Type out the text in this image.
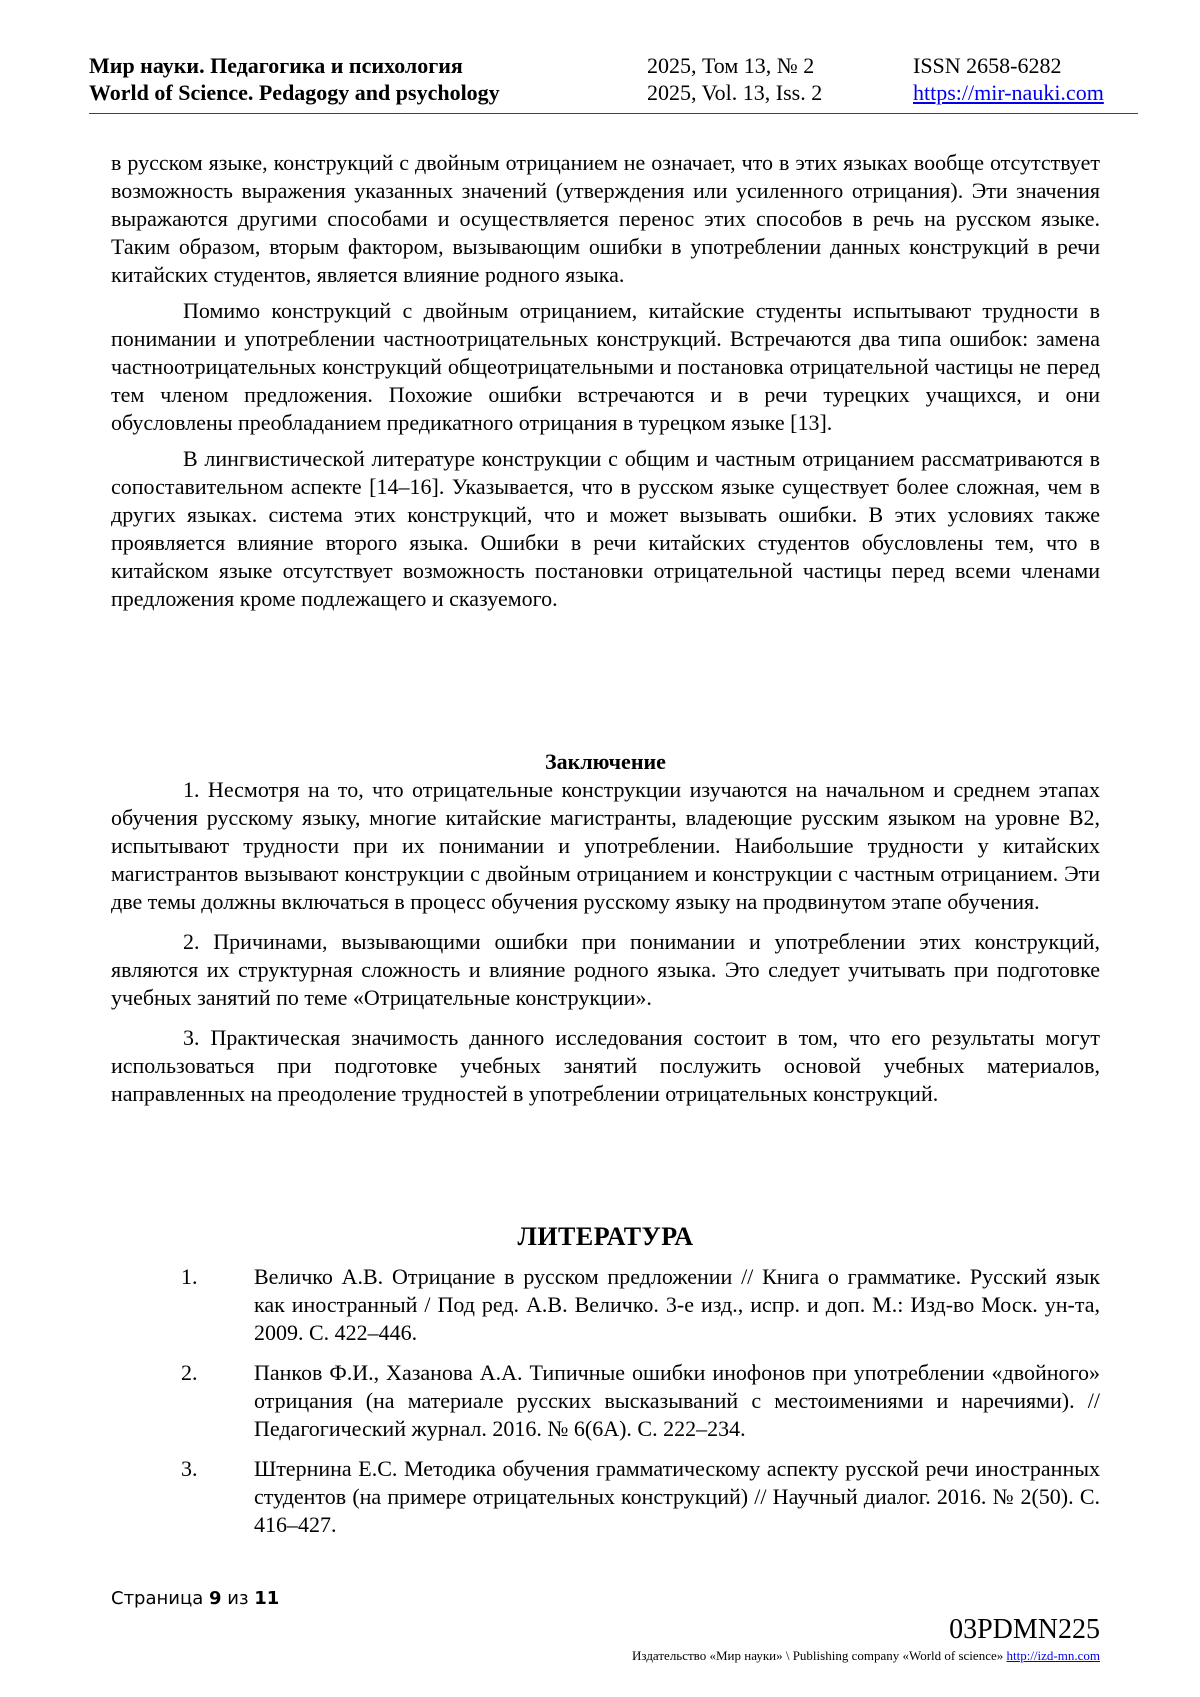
Мир науки. Педагогика и психология
World of Science. Pedagogy and psychology
2025, Том 13, № 2
2025, Vol. 13, Iss. 2
ISSN 2658-6282
https://mir-nauki.com

в русском языке, конструкций с двойным отрицанием не означает, что в этих языках вообще отсутствует возможность выражения указанных значений (утверждения или усиленного отрицания). Эти значения выражаются другими способами и осуществляется перенос этих способов в речь на русском языке. Таким образом, вторым фактором, вызывающим ошибки в употреблении данных конструкций в речи китайских студентов, является влияние родного языка.

Помимо конструкций с двойным отрицанием, китайские студенты испытывают трудности в понимании и употреблении частноотрицательных конструкций. Встречаются два типа ошибок: замена частноотрицательных конструкций общеотрицательными и постановка отрицательной частицы не перед тем членом предложения. Похожие ошибки встречаются и в речи турецких учащихся, и они обусловлены преобладанием предикатного отрицания в турецком языке [13].

В лингвистической литературе конструкции с общим и частным отрицанием рассматриваются в сопоставительном аспекте [14–16]. Указывается, что в русском языке существует более сложная, чем в других языках. система этих конструкций, что и может вызывать ошибки. В этих условиях также проявляется влияние второго языка. Ошибки в речи китайских студентов обусловлены тем, что в китайском языке отсутствует возможность постановки отрицательной частицы перед всеми членами предложения кроме подлежащего и сказуемого.

Заключение

1. Несмотря на то, что отрицательные конструкции изучаются на начальном и среднем этапах обучения русскому языку, многие китайские магистранты, владеющие русским языком на уровне В2, испытывают трудности при их понимании и употреблении. Наибольшие трудности у китайских магистрантов вызывают конструкции с двойным отрицанием и конструкции с частным отрицанием. Эти две темы должны включаться в процесс обучения русскому языку на продвинутом этапе обучения.

2. Причинами, вызывающими ошибки при понимании и употреблении этих конструкций, являются их структурная сложность и влияние родного языка. Это следует учитывать при подготовке учебных занятий по теме «Отрицательные конструкции».

3. Практическая значимость данного исследования состоит в том, что его результаты могут использоваться при подготовке учебных занятий послужить основой учебных материалов, направленных на преодоление трудностей в употреблении отрицательных конструкций.

ЛИТЕРАТУРА
1.	Величко А.В. Отрицание в русском предложении // Книга о грамматике. Русский язык как иностранный / Под ред. А.В. Величко. 3-е изд., испр. и доп. М.: Изд-во Моск. ун-та, 2009. С. 422–446.
2.	Панков Ф.И., Хазанова А.А. Типичные ошибки инофонов при употреблении «двойного» отрицания (на материале русских высказываний с местоимениями и наречиями). // Педагогический журнал. 2016. № 6(6А). С. 222–234.
3.	Штернина Е.С. Методика обучения грамматическому аспекту русской речи иностранных студентов (на примере отрицательных конструкций) // Научный диалог. 2016. № 2(50). С. 416–427.
Страница 9 из 11
03PDMN225
Издательство «Мир науки» \ Publishing company «World of science» http://izd-mn.com
